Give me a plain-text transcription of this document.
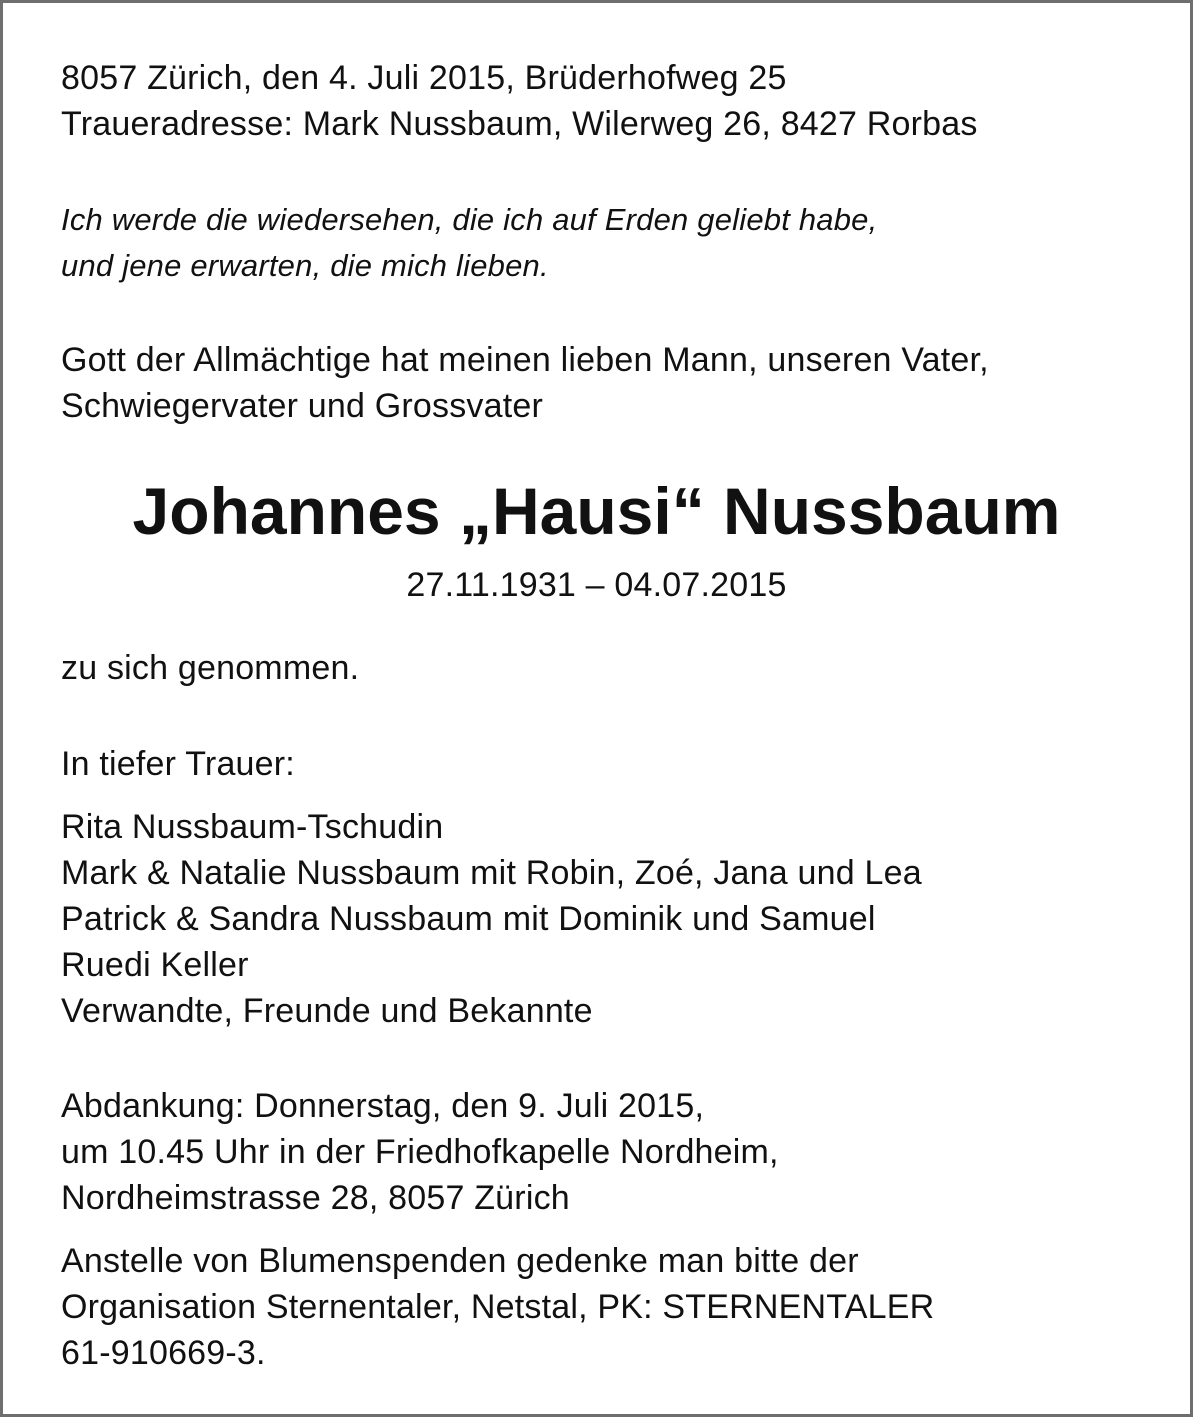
8057 Zürich, den 4. Juli 2015, Brüderhofweg 25
Traueradresse: Mark Nussbaum, Wilerweg 26, 8427 Rorbas
Ich werde die wiedersehen, die ich auf Erden geliebt habe,
und jene erwarten, die mich lieben.
Gott der Allmächtige hat meinen lieben Mann, unseren Vater,
Schwiegervater und Grossvater
Johannes „Hausi“ Nussbaum
27.11.1931 – 04.07.2015
zu sich genommen.
In tiefer Trauer:
Rita Nussbaum-Tschudin
Mark & Natalie Nussbaum mit Robin, Zoé, Jana und Lea
Patrick & Sandra Nussbaum mit Dominik und Samuel
Ruedi Keller
Verwandte, Freunde und Bekannte
Abdankung: Donnerstag, den 9. Juli 2015,
um 10.45 Uhr in der Friedhofkapelle Nordheim,
Nordheimstrasse 28, 8057 Zürich
Anstelle von Blumenspenden gedenke man bitte der
Organisation Sternentaler, Netstal, PK: STERNENTALER
61-910669-3.
